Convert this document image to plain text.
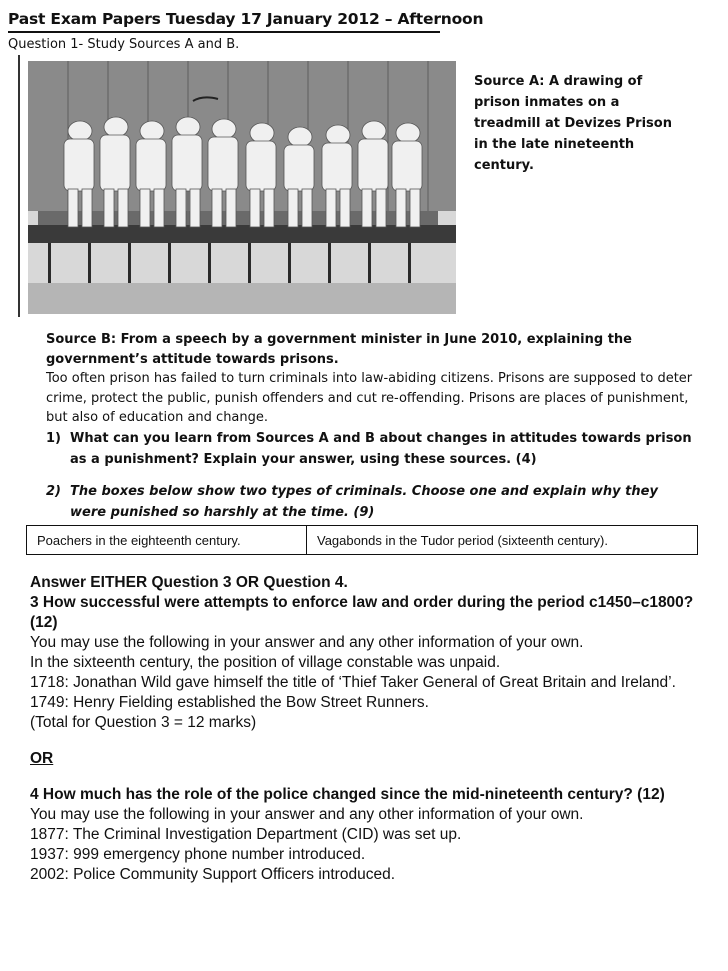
Past Exam Papers Tuesday 17 January 2012 – Afternoon
Question 1- Study Sources A and B.
Source A: A drawing of prison inmates on a treadmill at Devizes Prison in the late nineteenth century.
Source B: From a speech by a government minister in June 2010, explaining the government’s attitude towards prisons.
Too often prison has failed to turn criminals into law-abiding citizens. Prisons are supposed to deter crime, protect the public, punish offenders and cut re-offending. Prisons are places of punishment, but also of education and change.
1) What can you learn from Sources A and B about changes in attitudes towards prison as a punishment? Explain your answer, using these sources. (4)
2) The boxes below show two types of criminals. Choose one and explain why they were punished so harshly at the time. (9)
Poachers in the eighteenth century.	Vagabonds in the Tudor period (sixteenth century).
Answer EITHER Question 3 OR Question 4.
3 How successful were attempts to enforce law and order during the period c1450–c1800? (12)
You may use the following in your answer and any other information of your own.
In the sixteenth century, the position of village constable was unpaid.
1718: Jonathan Wild gave himself the title of ‘Thief Taker General of Great Britain and Ireland’.
1749: Henry Fielding established the Bow Street Runners.
(Total for Question 3 = 12 marks)
OR
4 How much has the role of the police changed since the mid-nineteenth century? (12)
You may use the following in your answer and any other information of your own.
1877: The Criminal Investigation Department (CID) was set up.
1937: 999 emergency phone number introduced.
2002: Police Community Support Officers introduced.
